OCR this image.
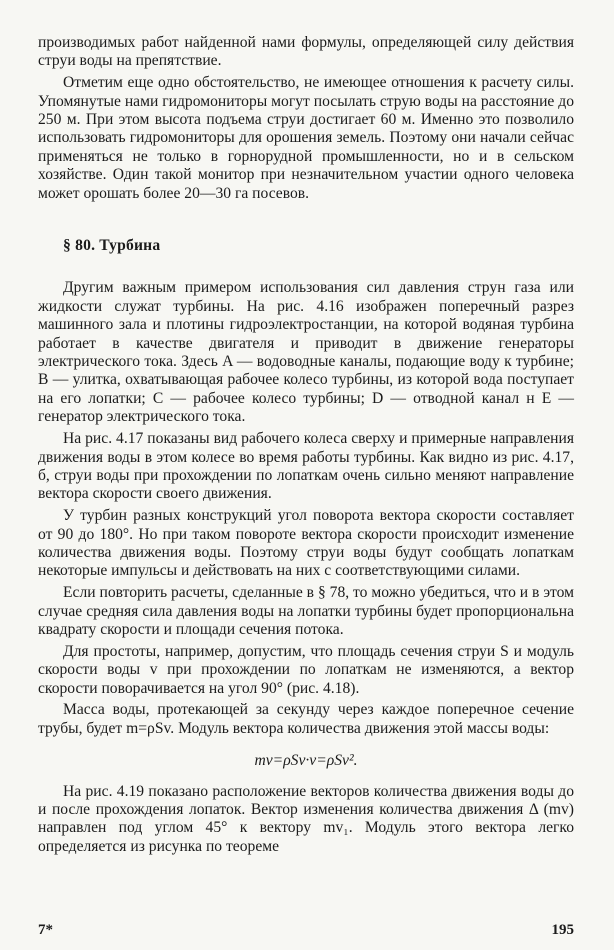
производимых работ найденной нами формулы, определяющей силу действия струи воды на препятствие.

Отметим еще одно обстоятельство, не имеющее отношения к расчету силы. Упомянутые нами гидромониторы могут посылать струю воды на расстояние до 250 м. При этом высота подъема струи достигает 60 м. Именно это позволило использовать гидромониторы для орошения земель. Поэтому они начали сейчас применяться не только в горнорудной промышленности, но и в сельском хозяйстве. Один такой монитор при незначительном участии одного человека может орошать более 20—30 га посевов.

§ 80. Турбина

Другим важным примером использования сил давления струн газа или жидкости служат турбины. На рис. 4.16 изображен поперечный разрез машинного зала и плотины гидроэлектростанции, на которой водяная турбина работает в качестве двигателя и приводит в движение генераторы электрического тока. Здесь A — водоводные каналы, подающие воду к турбине; B — улитка, охватывающая рабочее колесо турбины, из которой вода поступает на его лопатки; C — рабочее колесо турбины; D — отводной канал н E — генератор электрического тока.

На рис. 4.17 показаны вид рабочего колеса сверху и примерные направления движения воды в этом колесе во время работы турбины. Как видно из рис. 4.17, б, струи воды при прохождении по лопаткам очень сильно меняют направление вектора скорости своего движения.

У турбин разных конструкций угол поворота вектора скорости составляет от 90 до 180°. Но при таком повороте вектора скорости происходит изменение количества движения воды. Поэтому струи воды будут сообщать лопаткам некоторые импульсы и действовать на них с соответствующими силами.

Если повторить расчеты, сделанные в § 78, то можно убедиться, что и в этом случае средняя сила давления воды на лопатки турбины будет пропорциональна квадрату скорости и площади сечения потока.

Для простоты, например, допустим, что площадь сечения струи S и модуль скорости воды v при прохождении по лопаткам не изменяются, а вектор скорости поворачивается на угол 90° (рис. 4.18).

Масса воды, протекающей за секунду через каждое поперечное сечение трубы, будет m=ρSv. Модуль вектора количества движения этой массы воды:

mv=ρSv·v=ρSv².

На рис. 4.19 показано расположение векторов количества движения воды до и после прохождения лопаток. Вектор изменения количества движения Δ (mv) направлен под углом 45° к вектору mv₁. Модуль этого вектора легко определяется из рисунка по теореме

7*	195
